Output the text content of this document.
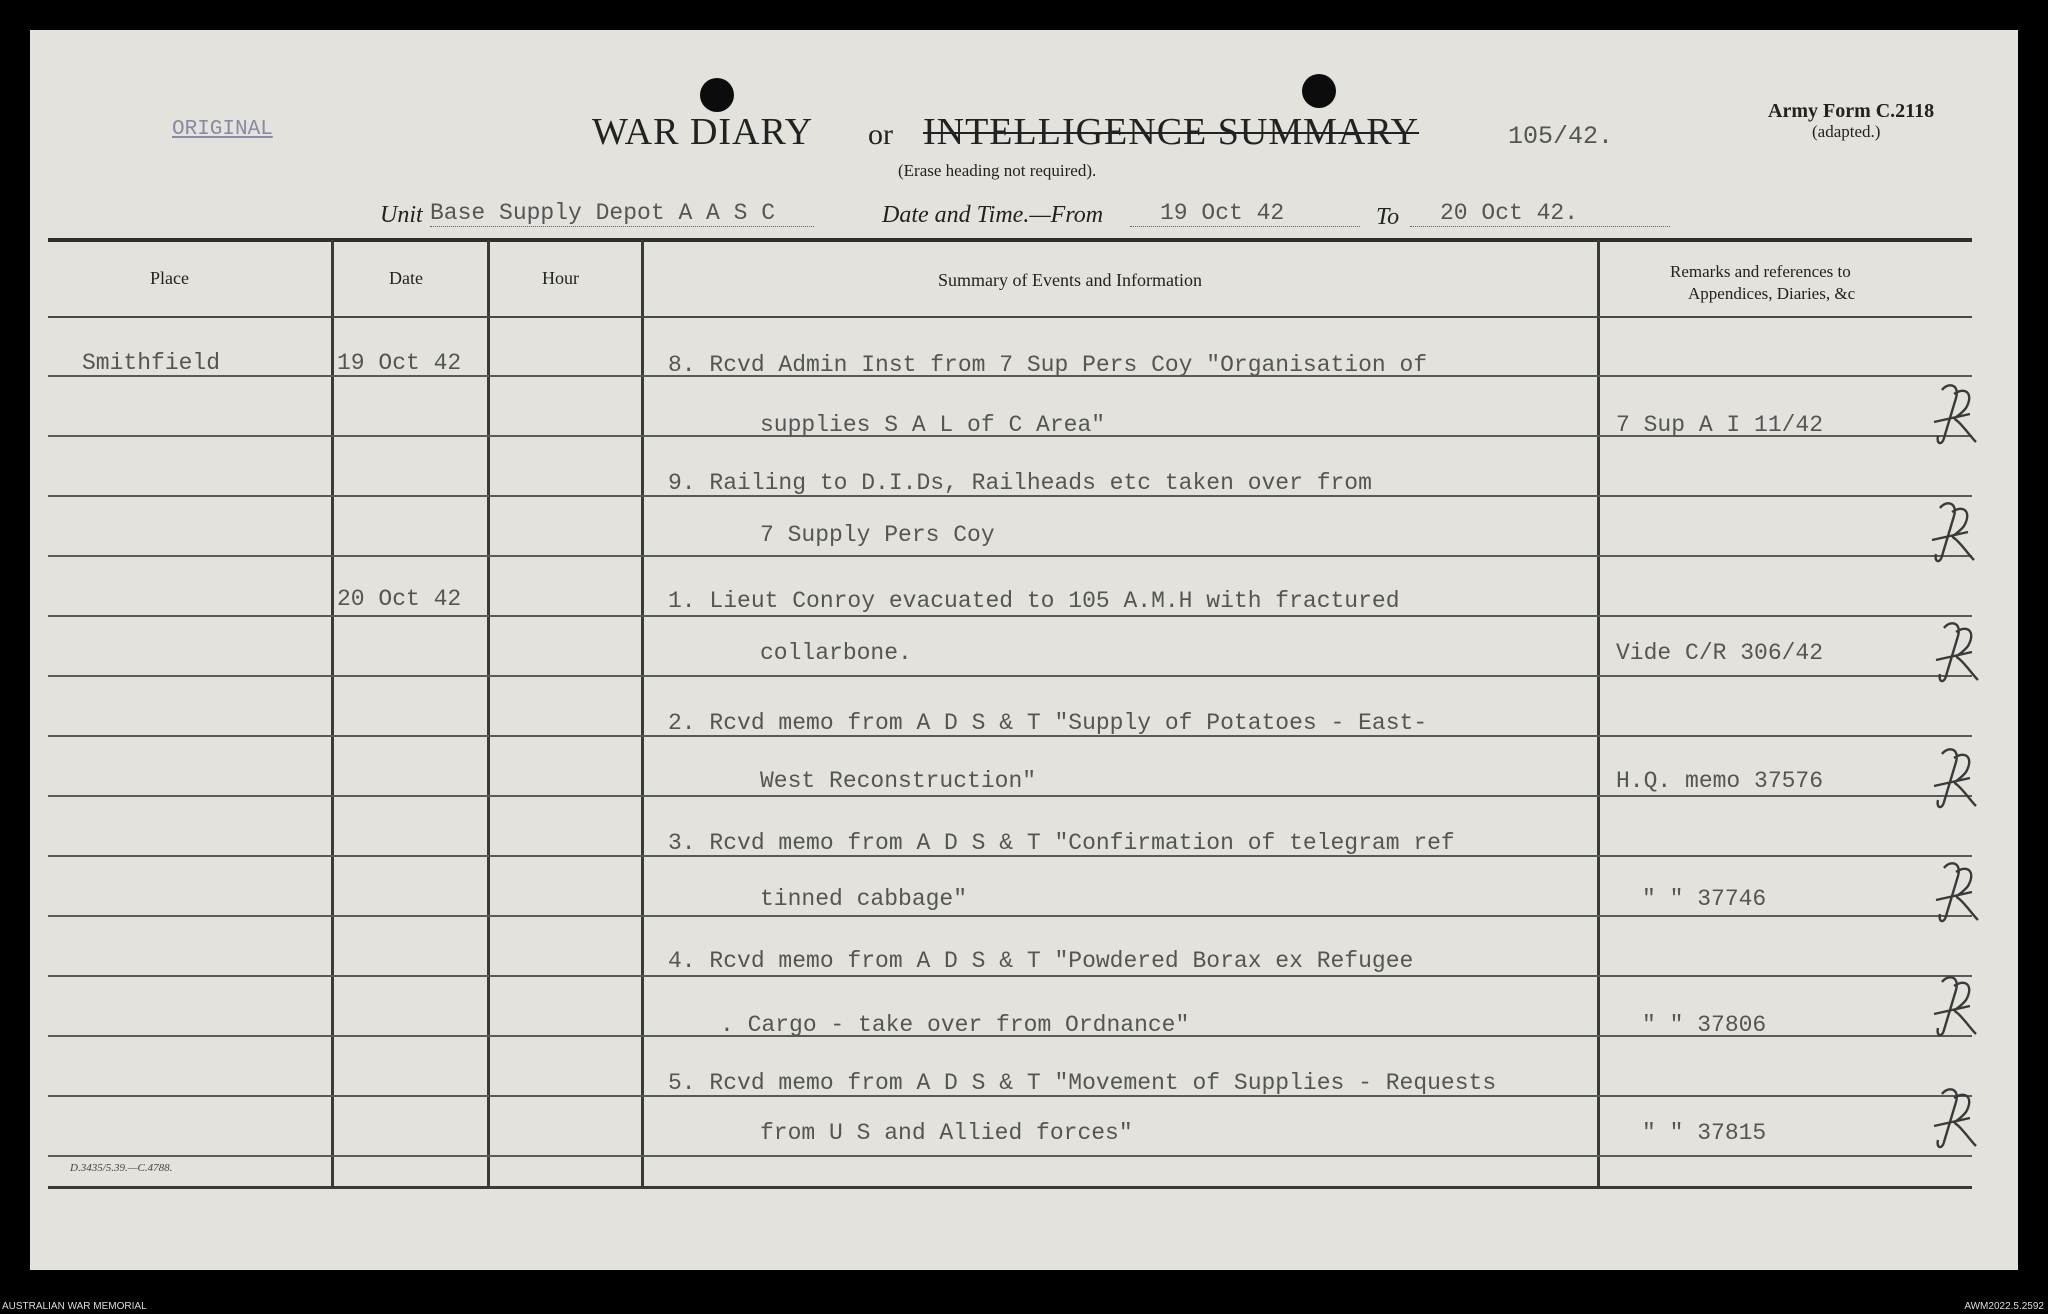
ORIGINAL	WAR DIARY or INTELLIGENCE SUMMARY	105/42.
(Erase heading not required).
Army Form C.2118
(adapted.)
Unit Base Supply Depot A A S C	Date and Time.—From	19 Oct 42	To	20 Oct 42.
Place	Date	Hour	Summary of Events and Information	Remarks and references to
Appendices, Diaries, &c
Smithfield	19 Oct 42	8. Rcvd Admin Inst from 7 Sup Pers Coy "Organisation of
supplies S A L of C Area"	7 Sup A I 11/42
9. Railing to D.I.Ds, Railheads etc taken over from
7 Supply Pers Coy
20 Oct 42	1. Lieut Conroy evacuated to 105 A.M.H with fractured
collarbone.	Vide C/R 306/42
2. Rcvd memo from A D S & T "Supply of Potatoes - East-
West Reconstruction"	H.Q. memo 37576
3. Rcvd memo from A D S & T "Confirmation of telegram ref
tinned cabbage"	" " 37746
4. Rcvd memo from A D S & T "Powdered Borax ex Refugee
. Cargo - take over from Ordnance"	" " 37806
5. Rcvd memo from A D S & T "Movement of Supplies - Requests
from U S and Allied forces"	" " 37815
D.3435/5.39.—C.4788.
AUSTRALIAN WAR MEMORIAL	AWM2022.5.2592
